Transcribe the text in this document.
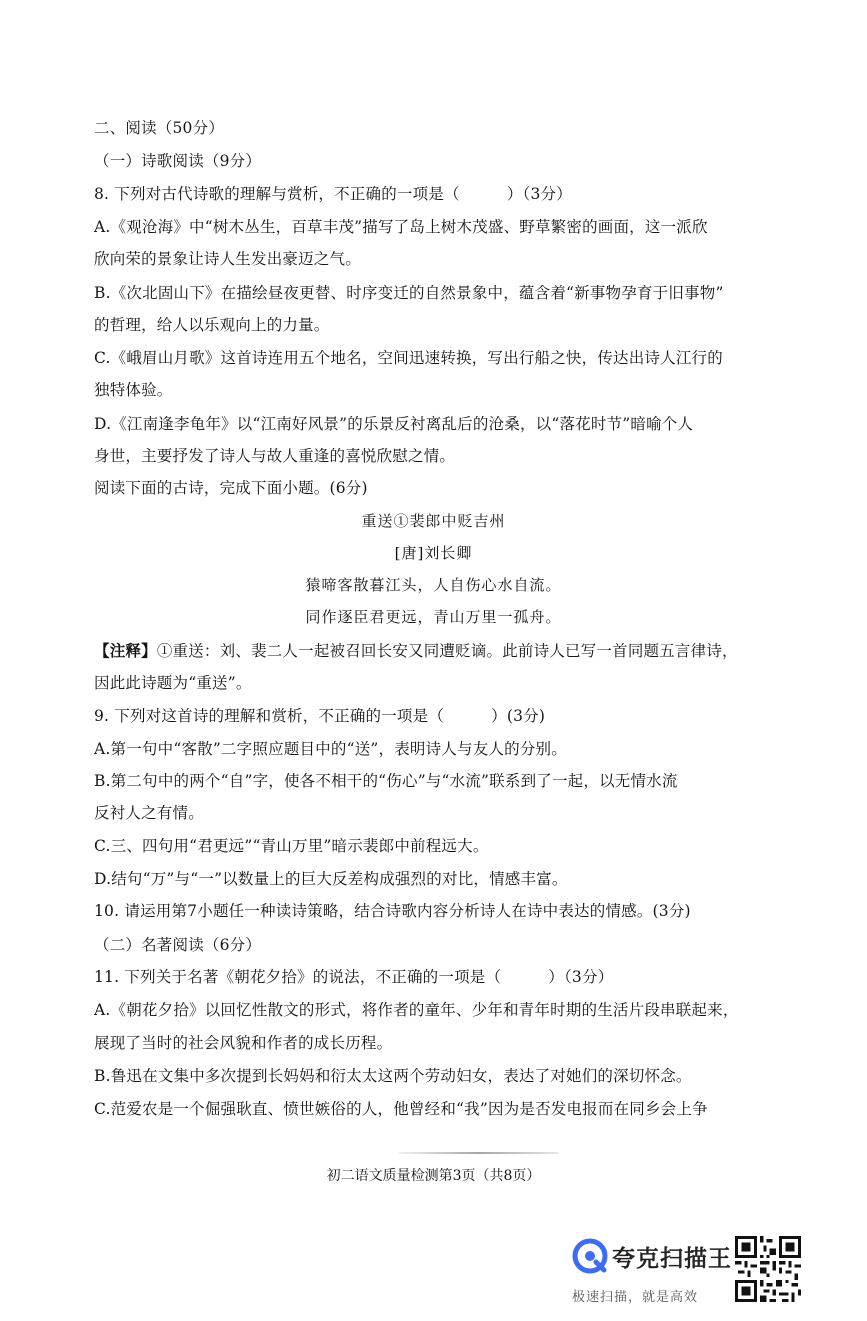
二、阅读（50分）
（一）诗歌阅读（9分）
8. 下列对古代诗歌的理解与赏析，不正确的一项是（　　　）（3分）
A.《观沧海》中“树木丛生，百草丰茂”描写了岛上树木茂盛、野草繁密的画面，这一派欣
欣向荣的景象让诗人生发出豪迈之气。
B.《次北固山下》在描绘昼夜更替、时序变迁的自然景象中，蕴含着“新事物孕育于旧事物”
的哲理，给人以乐观向上的力量。
C.《峨眉山月歌》这首诗连用五个地名，空间迅速转换，写出行船之快，传达出诗人江行的
独特体验。
D.《江南逢李龟年》以“江南好风景”的乐景反衬离乱后的沧桑，以“落花时节”暗喻个人
身世，主要抒发了诗人与故人重逢的喜悦欣慰之情。
阅读下面的古诗，完成下面小题。(6分)
重送①裴郎中贬吉州
[唐]刘长卿
猿啼客散暮江头，人自伤心水自流。
同作逐臣君更远，青山万里一孤舟。
【注释】①重送：刘、裴二人一起被召回长安又同遭贬谪。此前诗人已写一首同题五言律诗，
因此此诗题为“重送”。
9. 下列对这首诗的理解和赏析，不正确的一项是（　　　）(3分)
A.第一句中“客散”二字照应题目中的“送”，表明诗人与友人的分别。
B.第二句中的两个“自”字，使各不相干的“伤心”与“水流”联系到了一起，以无情水流
反衬人之有情。
C.三、四句用“君更远”“青山万里”暗示裴郎中前程远大。
D.结句“万”与“一”以数量上的巨大反差构成强烈的对比，情感丰富。
10. 请运用第7小题任一种读诗策略，结合诗歌内容分析诗人在诗中表达的情感。(3分)
（二）名著阅读（6分）
11. 下列关于名著《朝花夕拾》的说法，不正确的一项是（　　　）（3分）
A.《朝花夕拾》以回忆性散文的形式，将作者的童年、少年和青年时期的生活片段串联起来，
展现了当时的社会风貌和作者的成长历程。
B.鲁迅在文集中多次提到长妈妈和衍太太这两个劳动妇女，表达了对她们的深切怀念。
C.范爱农是一个倔强耿直、愤世嫉俗的人，他曾经和“我”因为是否发电报而在同乡会上争
初二语文质量检测第3页（共8页）
夸克扫描王
极速扫描，就是高效
